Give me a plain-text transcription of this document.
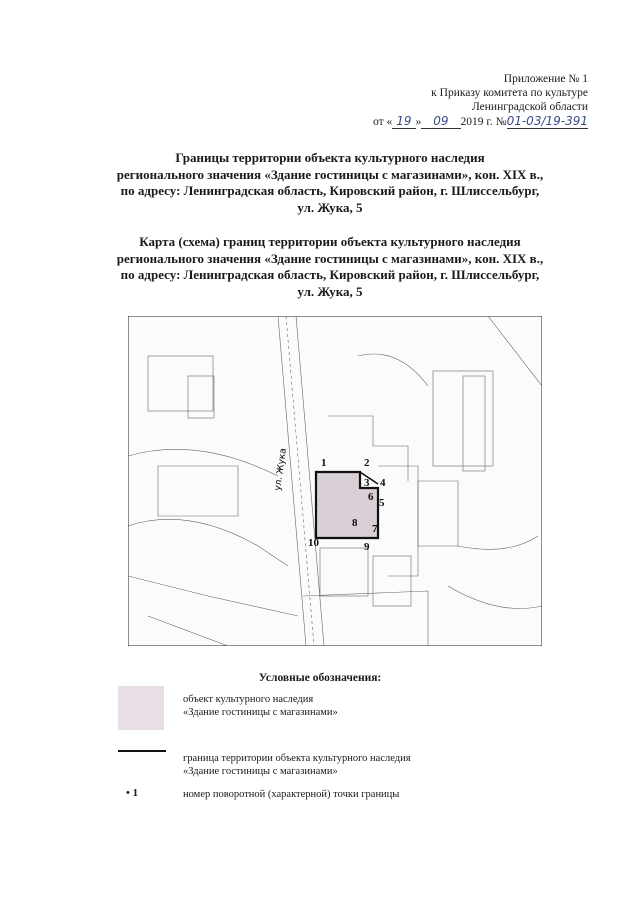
Приложение № 1
к Приказу комитета по культуре
Ленинградской области
от « 19 » 09 2019 г. №01-03/19-391
Границы территории объекта культурного наследия
регионального значения «Здание гостиницы с магазинами», кон. XIX в.,
по адресу: Ленинградская область, Кировский район, г. Шлиссельбург,
ул. Жука, 5
Карта (схема) границ территории объекта культурного наследия
регионального значения «Здание гостиницы с магазинами», кон. XIX в.,
по адресу: Ленинградская область, Кировский район, г. Шлиссельбург,
ул. Жука, 5
ул. Жука	1	2
3 4
5
6
7
8
9
10
Условные обозначения:
объект культурного наследия
«Здание гостиницы с магазинами»
граница территории объекта культурного наследия
«Здание гостиницы с магазинами»
• 1	номер поворотной (характерной) точки границы
